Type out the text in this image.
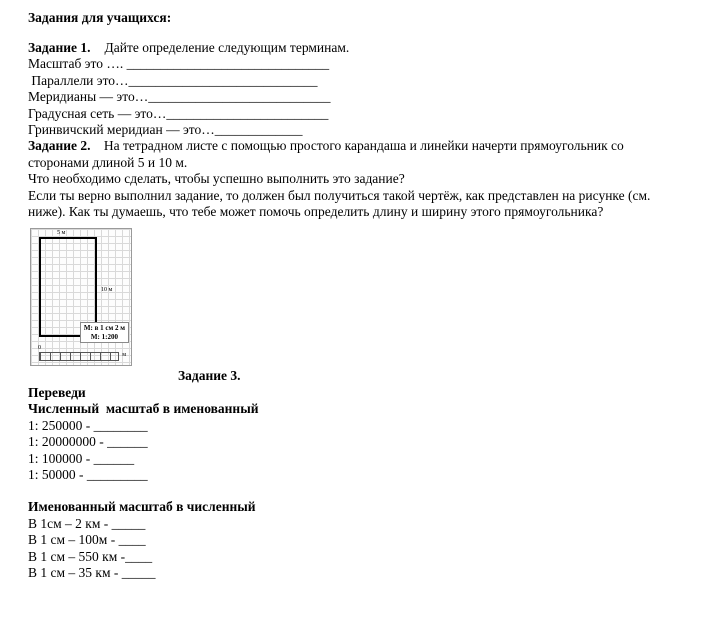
Задания для учащихся:
Задание 1. Дайте определение следующим терминам.
Масштаб это …. ______________________________
Параллели это…____________________________
Меридианы — это…___________________________
Градусная сеть — это…________________________
Гринвичский меридиан — это…_____________
Задание 2. На тетрадном листе с помощью простого карандаша и линейки начерти прямоугольник со сторонами длиной 5 и 10 м.
Что необходимо сделать, чтобы успешно выполнить это задание?
Если ты верно выполнил задание, то должен был получиться такой чертёж, как представлен на рисунке (см. ниже). Как ты думаешь, что тебе может помочь определить длину и ширину этого прямоугольника?
5 м
10 м
М: в 1 см 2 м
М: 1:200
0
м
Задание 3.
Переведи
Численный  масштаб в именованный
1: 250000 - ________
1: 20000000 - ______
1: 100000 - ______
1: 50000 - _________
Именованный масштаб в численный
В 1см – 2 км - _____
В 1 см – 100м - ____
В 1 см – 550 км -____
В 1 см – 35 км - _____
